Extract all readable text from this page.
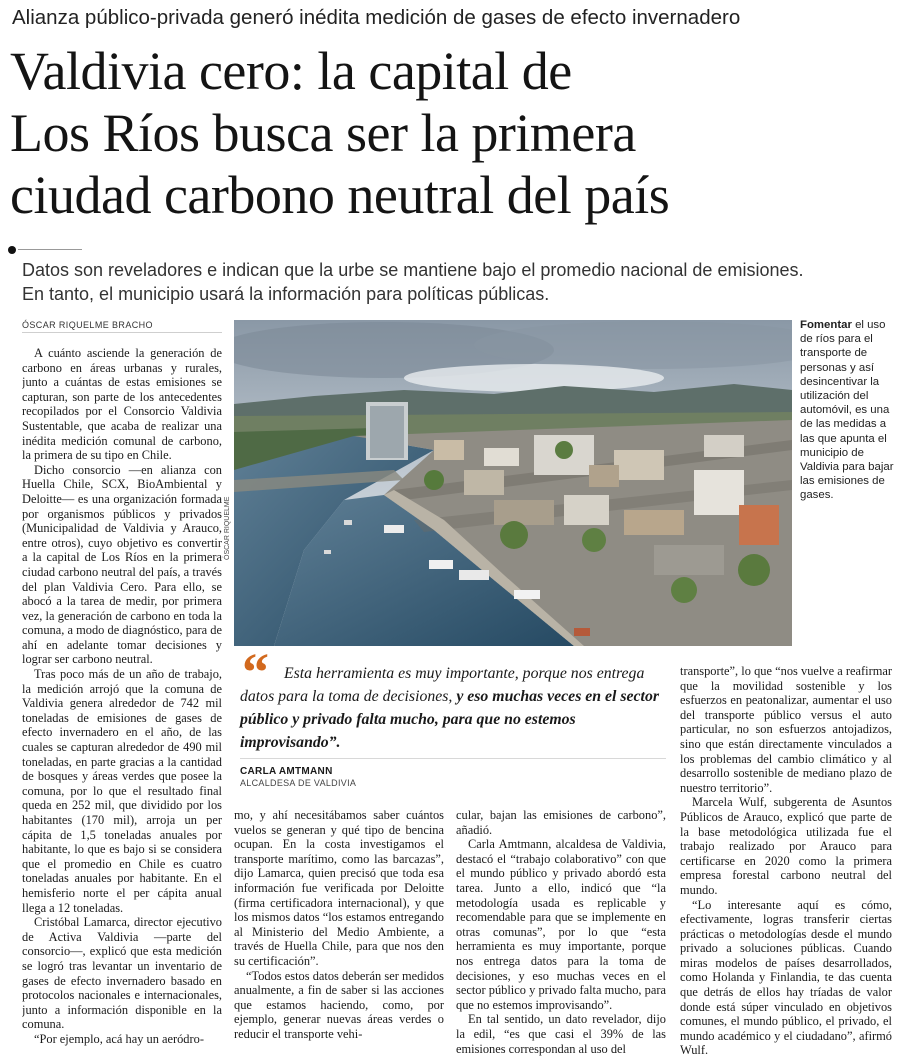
Alianza público-privada generó inédita medición de gases de efecto invernadero
Valdivia cero: la capital de
Los Ríos busca ser la primera
ciudad carbono neutral del país
Datos son reveladores e indican que la urbe se mantiene bajo el promedio nacional de emisiones.
En tanto, el municipio usará la información para políticas públicas.
ÓSCAR RIQUELME BRACHO

A cuánto asciende la generación de carbono en áreas urbanas y rurales, junto a cuántas de estas emisiones se capturan, son parte de los antecedentes recopilados por el Consorcio Valdivia Sustentable, que acaba de realizar una inédita medición comunal de carbono, la primera de su tipo en Chile.

Dicho consorcio —en alianza con Huella Chile, SCX, BioAmbiental y Deloitte— es una organización formada por organismos públicos y privados (Municipalidad de Valdivia y Arauco, entre otros), cuyo objetivo es convertir a la capital de Los Ríos en la primera ciudad carbono neutral del país, a través del plan Valdivia Cero. Para ello, se abocó a la tarea de medir, por primera vez, la generación de carbono en toda la comuna, a modo de diagnóstico, para de ahí en adelante tomar decisiones y lograr ser carbono neutral.

Tras poco más de un año de trabajo, la medición arrojó que la comuna de Valdivia genera alrededor de 742 mil toneladas de emisiones de gases de efecto invernadero en el año, de las cuales se capturan alrededor de 490 mil toneladas, en parte gracias a la cantidad de bosques y áreas verdes que posee la comuna, por lo que el resultado final queda en 252 mil, que dividido por los habitantes (170 mil), arroja un per cápita de 1,5 toneladas anuales por habitante, lo que es bajo si se considera que el promedio en Chile es cuatro toneladas anuales por habitante. En el hemisferio norte el per cápita anual llega a 12 toneladas.

Cristóbal Lamarca, director ejecutivo de Activa Valdivia —parte del consorcio—, explicó que esta medición se logró tras levantar un inventario de gases de efecto invernadero basado en protocolos nacionales e internacionales, junto a información disponible en la comuna.

“Por ejemplo, acá hay un aeródro-

ÓSCAR RIQUELME
Fomentar el uso de ríos para el transporte de personas y así desincentivar la utilización del automóvil, es una de las medidas a las que apunta el municipio de Valdivia para bajar las emisiones de gases.
“ Esta herramienta es muy importante, porque nos entrega datos para la toma de decisiones, y eso muchas veces en el sector público y privado falta mucho, para que no estemos improvisando”.
CARLA AMTMANN
ALCALDESA DE VALDIVIA

mo, y ahí necesitábamos saber cuántos vuelos se generan y qué tipo de bencina ocupan. En la costa investigamos el transporte marítimo, como las barcazas”, dijo Lamarca, quien precisó que toda esa información fue verificada por Deloitte (firma certificadora internacional), y que los mismos datos “los estamos entregando al Ministerio del Medio Ambiente, a través de Huella Chile, para que nos den su certificación”.

“Todos estos datos deberán ser medidos anualmente, a fin de saber si las acciones que estamos haciendo, como, por ejemplo, generar nuevas áreas verdes o reducir el transporte vehi-

cular, bajan las emisiones de carbono”, añadió.

Carla Amtmann, alcaldesa de Valdivia, destacó el “trabajo colaborativo” con que el mundo público y privado abordó esta tarea. Junto a ello, indicó que “la metodología usada es replicable y recomendable para que se implemente en otras comunas”, por lo que “esta herramienta es muy importante, porque nos entrega datos para la toma de decisiones, y eso muchas veces en el sector público y privado falta mucho, para que no estemos improvisando”.

En tal sentido, un dato revelador, dijo la edil, “es que casi el 39% de las emisiones correspondan al uso del

transporte”, lo que “nos vuelve a reafirmar que la movilidad sostenible y los esfuerzos en peatonalizar, aumentar el uso del transporte público versus el auto particular, no son esfuerzos antojadizos, sino que están directamente vinculados a los problemas del cambio climático y al desarrollo sostenible de mediano plazo de nuestro territorio”.

Marcela Wulf, subgerenta de Asuntos Públicos de Arauco, explicó que parte de la base metodológica utilizada fue el trabajo realizado por Arauco para certificarse en 2020 como la primera empresa forestal carbono neutral del mundo.

“Lo interesante aquí es cómo, efectivamente, logras transferir ciertas prácticas o metodologías desde el mundo privado a soluciones públicas. Cuando miras modelos de países desarrollados, como Holanda y Finlandia, te das cuenta que detrás de ellos hay tríadas de valor donde está súper vinculado en objetivos comunes, el mundo público, el privado, el mundo académico y el ciudadano”, afirmó Wulf.
